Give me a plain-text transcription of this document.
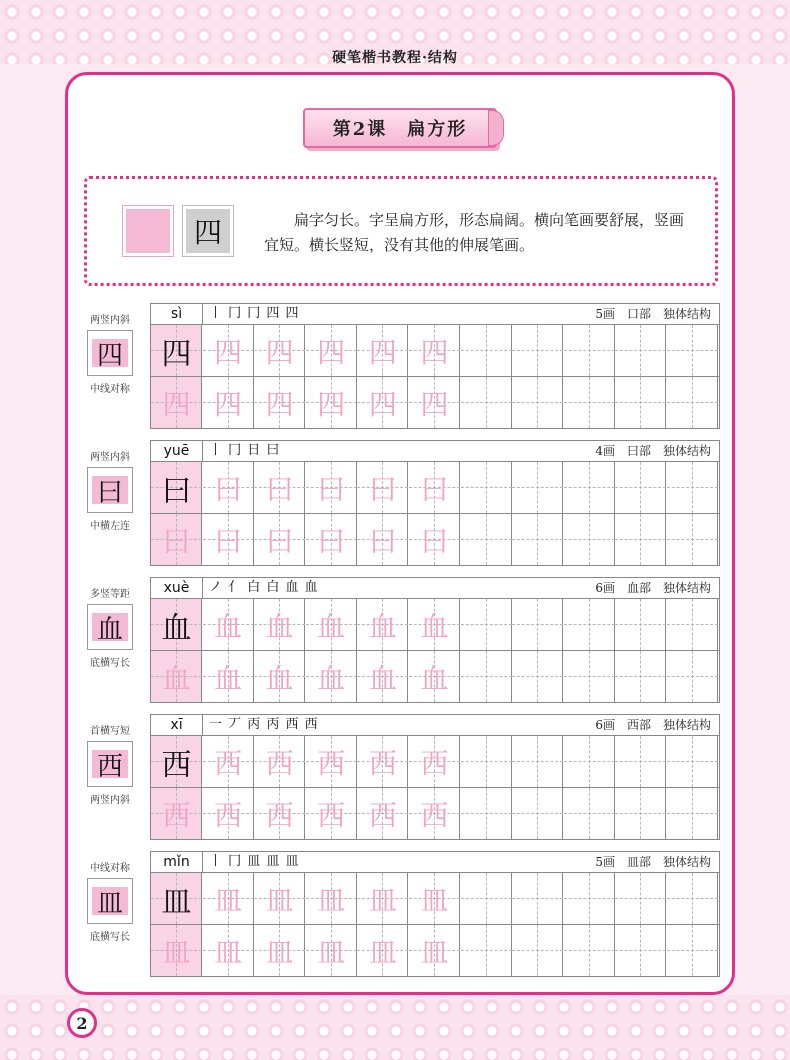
硬笔楷书教程·结构
第2课　扁方形
四	扁字匀长。字呈扁方形，形态扁阔。横向笔画要舒展，竖画宜短。横长竖短，没有其他的伸展笔画。
两竖内斜
四
中线对称
sì	丨 冂 冂 四 四	5画　口部　独体结构
四 四 四 四 四 四
四 四 四 四 四 四
两竖内斜
曰
中横左连
yuē	丨 冂 日 曰	4画　曰部　独体结构
曰 曰 曰 曰 曰 曰
曰 曰 曰 曰 曰 曰
多竖等距
血
底横写长
xuè	ノ 亻 白 白 血 血	6画　血部　独体结构
血 血 血 血 血 血
血 血 血 血 血 血
首横写短
西
两竖内斜
xī	一 丆 丙 丙 西 西	6画　西部　独体结构
西 西 西 西 西 西
西 西 西 西 西 西
中线对称
皿
底横写长
mǐn	丨 冂 皿 皿 皿	5画　皿部　独体结构
皿 皿 皿 皿 皿 皿
皿 皿 皿 皿 皿 皿
2
